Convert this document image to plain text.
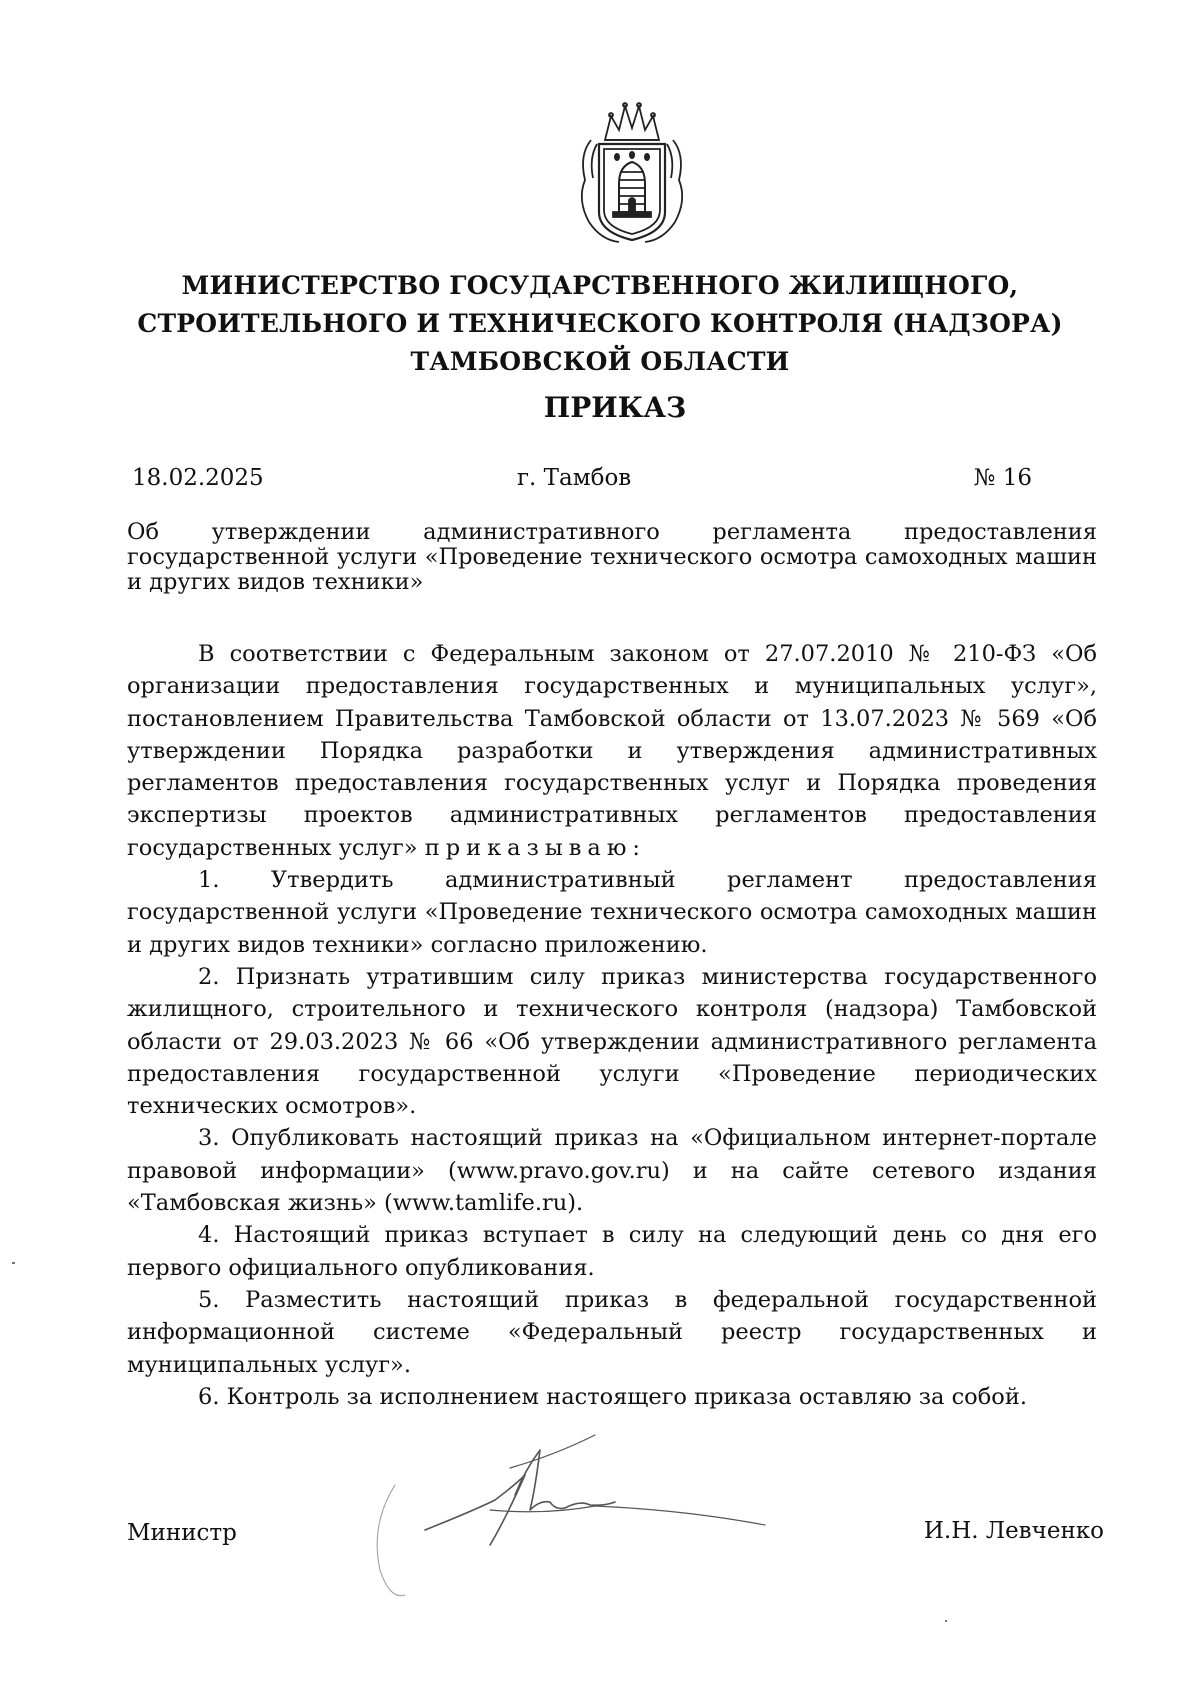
МИНИСТЕРСТВО ГОСУДАРСТВЕННОГО ЖИЛИЩНОГО,
СТРОИТЕЛЬНОГО И ТЕХНИЧЕСКОГО КОНТРОЛЯ (НАДЗОРА)
ТАМБОВСКОЙ ОБЛАСТИ
ПРИКАЗ
18.02.2025	г. Тамбов	№ 16
Об утверждении административного регламента предоставления государственной услуги «Проведение технического осмотра самоходных машин и других видов техники»

В соответствии с Федеральным законом от 27.07.2010 № 210-ФЗ «Об организации предоставления государственных и муниципальных услуг», постановлением Правительства Тамбовской области от 13.07.2023 № 569 «Об утверждении Порядка разработки и утверждения административных регламентов предоставления государственных услуг и Порядка проведения экспертизы проектов административных регламентов предоставления государственных услуг» приказываю:

1. Утвердить административный регламент предоставления государственной услуги «Проведение технического осмотра самоходных машин и других видов техники» согласно приложению.

2. Признать утратившим силу приказ министерства государственного жилищного, строительного и технического контроля (надзора) Тамбовской области от 29.03.2023 № 66 «Об утверждении административного регламента предоставления государственной услуги «Проведение периодических технических осмотров».

3. Опубликовать настоящий приказ на «Официальном интернет-портале правовой информации» (www.pravo.gov.ru) и на сайте сетевого издания «Тамбовская жизнь» (www.tamlife.ru).

4. Настоящий приказ вступает в силу на следующий день со дня его первого официального опубликования.

5. Разместить настоящий приказ в федеральной государственной информационной системе «Федеральный реестр государственных и муниципальных услуг».

6. Контроль за исполнением настоящего приказа оставляю за собой.

Министр	И.Н. Левченко
